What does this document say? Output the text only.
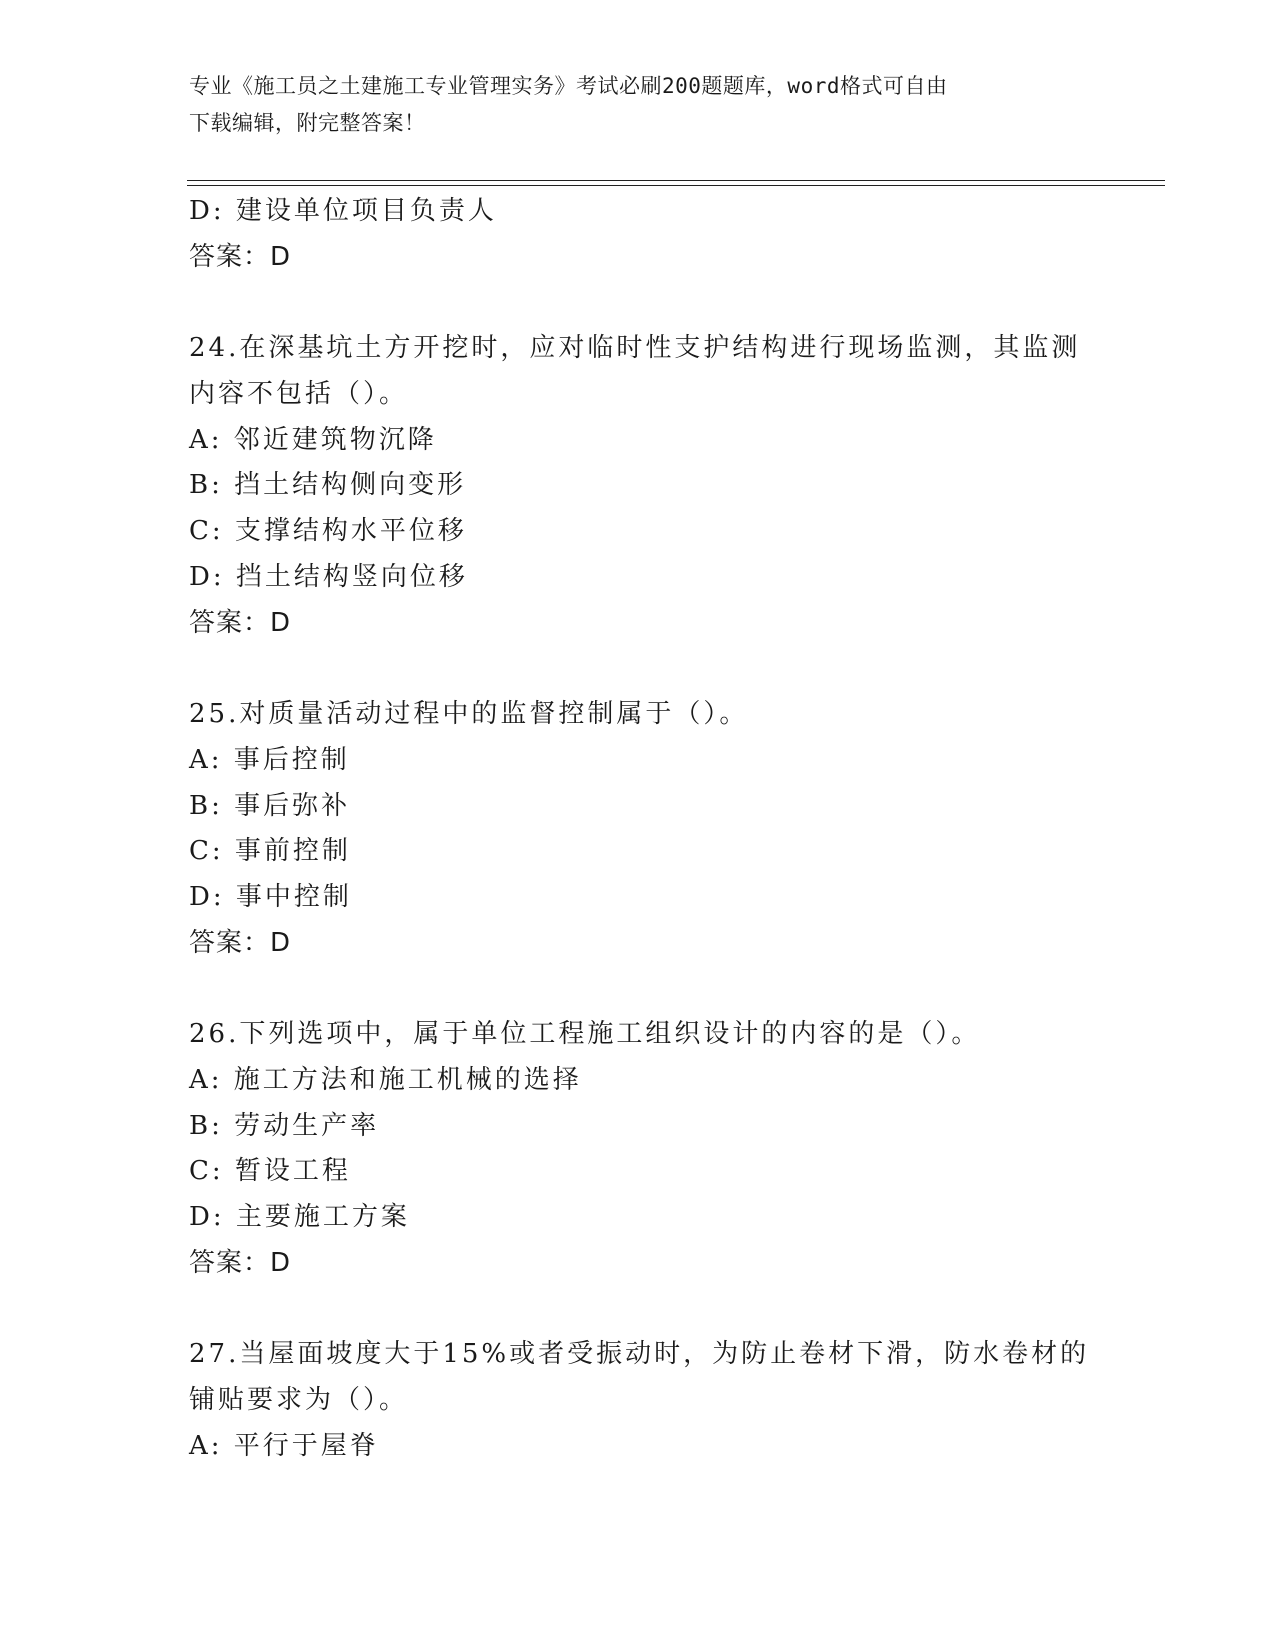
专业《施工员之土建施工专业管理实务》考试必刷200题题库，word格式可自由
下载编辑，附完整答案！
D: 建设单位项目负责人
答案：D
24.在深基坑土方开挖时，应对临时性支护结构进行现场监测，其监测
内容不包括（）。
A: 邻近建筑物沉降
B: 挡土结构侧向变形
C: 支撑结构水平位移
D: 挡土结构竖向位移
答案：D
25.对质量活动过程中的监督控制属于（）。
A: 事后控制
B: 事后弥补
C: 事前控制
D: 事中控制
答案：D
26.下列选项中，属于单位工程施工组织设计的内容的是（）。
A: 施工方法和施工机械的选择
B: 劳动生产率
C: 暂设工程
D: 主要施工方案
答案：D
27.当屋面坡度大于15%或者受振动时，为防止卷材下滑，防水卷材的
铺贴要求为（）。
A: 平行于屋脊
